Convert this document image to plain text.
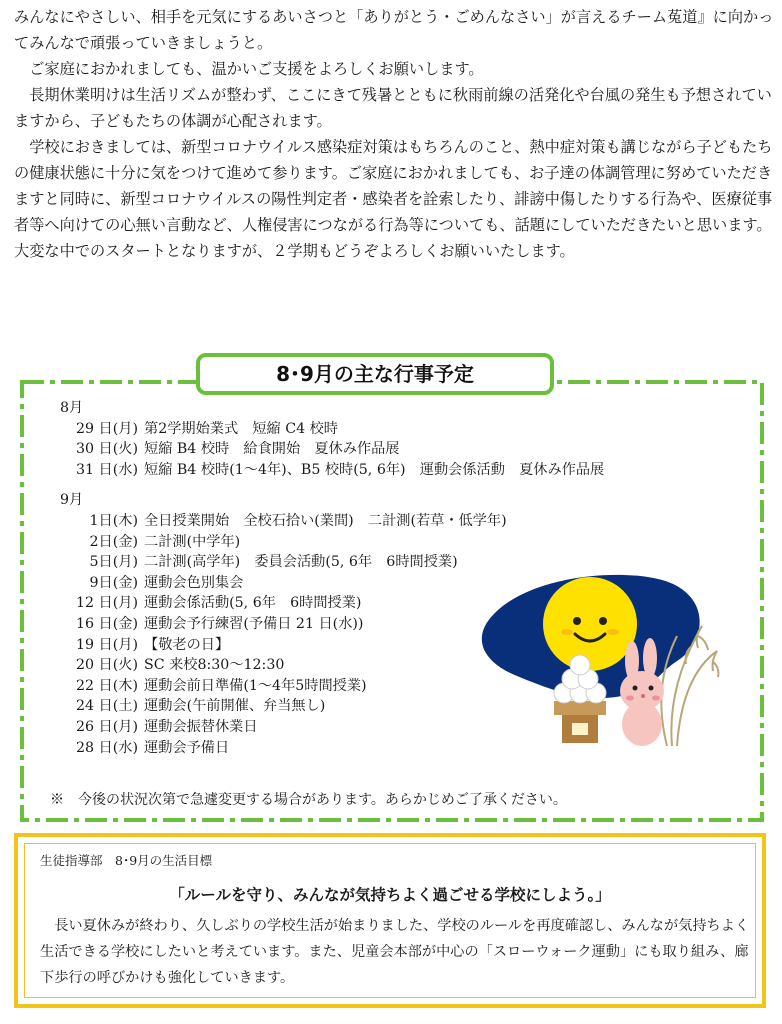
みんなにやさしい、相手を元気にするあいさつと「ありがとう・ごめんなさい」が言えるチーム菟道』に向かってみんなで頑張っていきましょうと。

ご家庭におかれましても、温かいご支援をよろしくお願いします。

長期休業明けは生活リズムが整わず、ここにきて残暑とともに秋雨前線の活発化や台風の発生も予想されていますから、子どもたちの体調が心配されます。

学校におきましては、新型コロナウイルス感染症対策はもちろんのこと、熱中症対策も講じながら子どもたちの健康状態に十分に気をつけて進めて参ります。ご家庭におかれましても、お子達の体調管理に努めていただきますと同時に、新型コロナウイルスの陽性判定者・感染者を詮索したり、誹謗中傷したりする行為や、医療従事者等へ向けての心無い言動など、人権侵害につながる行為等についても、話題にしていただきたいと思います。

大変な中でのスタートとなりますが、２学期もどうぞよろしくお願いいたします。

8･9月の主な行事予定
8月
29 日(月) 第2学期始業式　短縮 C4 校時
30 日(火) 短縮 B4 校時　給食開始　夏休み作品展
31 日(水) 短縮 B4 校時(1～4年)、B5 校時(5, 6年)　運動会係活動　夏休み作品展
9月
1日(木) 全日授業開始　全校石拾い(業間)　二計測(若草・低学年)
2日(金) 二計測(中学年)
5日(月) 二計測(高学年)　委員会活動(5, 6年　6時間授業)
9日(金) 運動会色別集会
12 日(月) 運動会係活動(5, 6年　6時間授業)
16 日(金) 運動会予行練習(予備日 21 日(水))
19 日(月) 【敬老の日】
20 日(火) SC 来校8:30～12:30
22 日(木) 運動会前日準備(1～4年5時間授業)
24 日(土) 運動会(午前開催、弁当無し)
26 日(月) 運動会振替休業日
28 日(水) 運動会予備日
※　今後の状況次第で急遽変更する場合があります。あらかじめご了承ください。
生徒指導部　8･9月の生活目標
「ルールを守り、みんなが気持ちよく過ごせる学校にしよう。」

長い夏休みが終わり、久しぶりの学校生活が始まりました、学校のルールを再度確認し、みんなが気持ちよく生活できる学校にしたいと考えています。また、児童会本部が中心の「スローウォーク運動」にも取り組み、廊下歩行の呼びかけも強化していきます。
